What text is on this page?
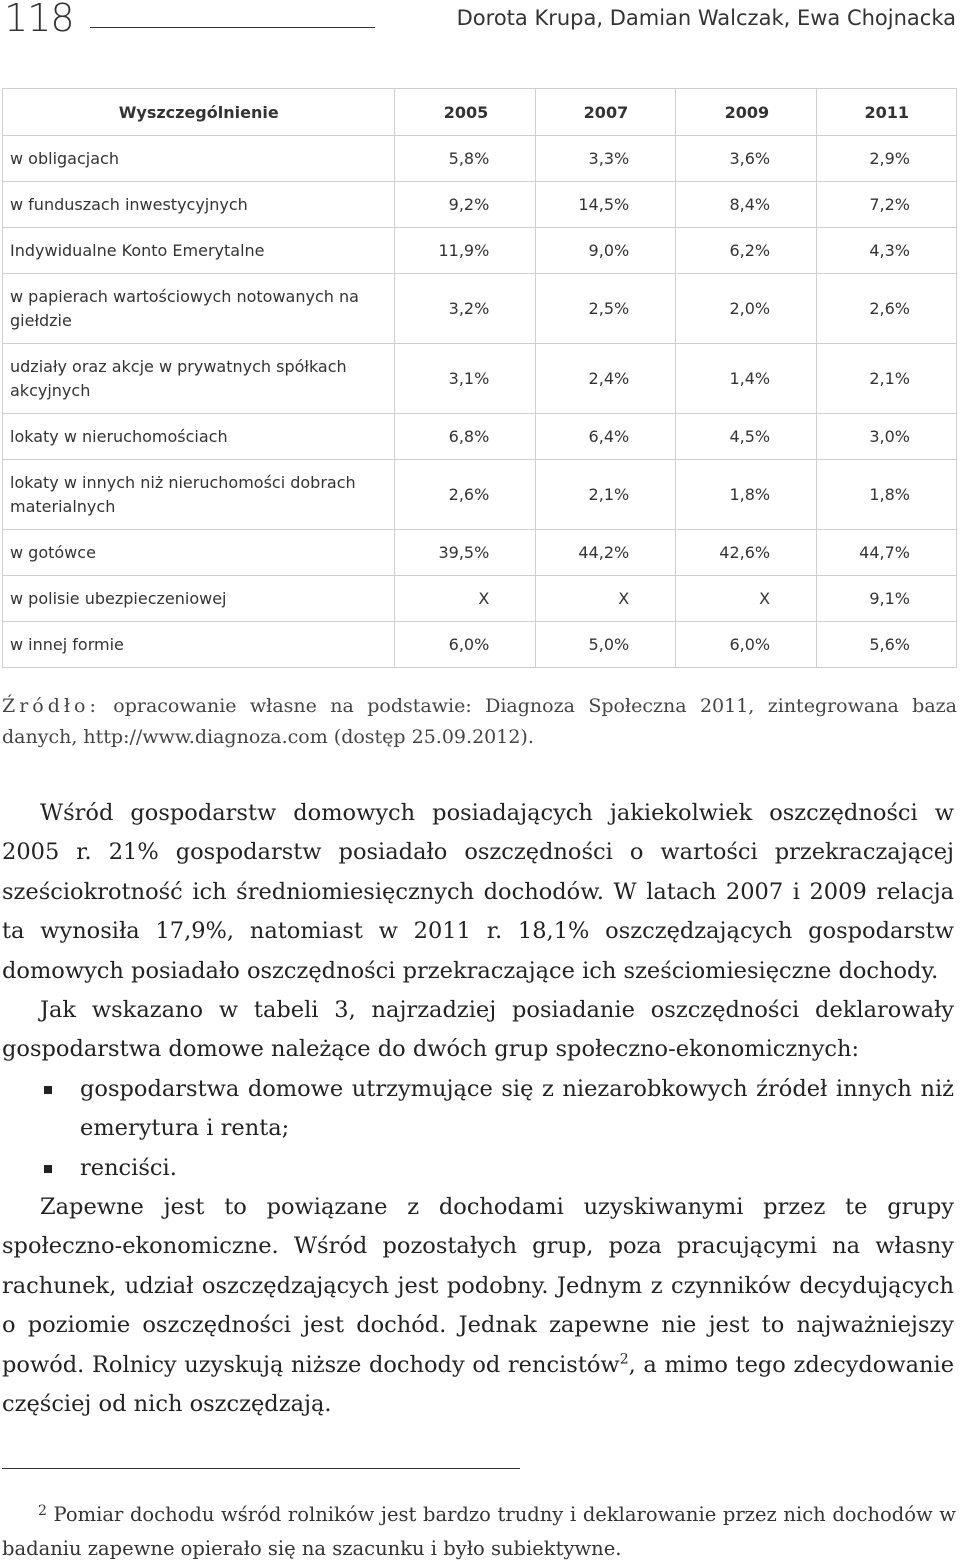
118	Dorota Krupa, Damian Walczak, Ewa Chojnacka
Wyszczególnienie	2005	2007	2009	2011
w obligacjach	5,8%	3,3%	3,6%	2,9%
w funduszach inwestycyjnych	9,2%	14,5%	8,4%	7,2%
Indywidualne Konto Emerytalne	11,9%	9,0%	6,2%	4,3%
w papierach wartościowych notowanych na giełdzie	3,2%	2,5%	2,0%	2,6%
udziały oraz akcje w prywatnych spółkach akcyjnych	3,1%	2,4%	1,4%	2,1%
lokaty w nieruchomościach	6,8%	6,4%	4,5%	3,0%
lokaty w innych niż nieruchomości dobrach materialnych	2,6%	2,1%	1,8%	1,8%
w gotówce	39,5%	44,2%	42,6%	44,7%
w polisie ubezpieczeniowej	X	X	X	9,1%
w innej formie	6,0%	5,0%	6,0%	5,6%
Źródło: opracowanie własne na podstawie: Diagnoza Społeczna 2011, zintegrowana baza danych, http://www.diagnoza.com (dostęp 25.09.2012).

Wśród gospodarstw domowych posiadających jakiekolwiek oszczędności w 2005 r. 21% gospodarstw posiadało oszczędności o wartości przekraczającej sześciokrotność ich średniomiesięcznych dochodów. W latach 2007 i 2009 relacja ta wynosiła 17,9%, natomiast w 2011 r. 18,1% oszczędzających gospodarstw domowych posiadało oszczędności przekraczające ich sześciomiesięczne dochody.

Jak wskazano w tabeli 3, najrzadziej posiadanie oszczędności deklarowały gospodarstwa domowe należące do dwóch grup społeczno-ekonomicznych:

gospodarstwa domowe utrzymujące się z niezarobkowych źródeł innych niż emerytura i renta;
renciści.

Zapewne jest to powiązane z dochodami uzyskiwanymi przez te grupy społeczno-ekonomiczne. Wśród pozostałych grup, poza pracującymi na własny rachunek, udział oszczędzających jest podobny. Jednym z czynników decydujących o poziomie oszczędności jest dochód. Jednak zapewne nie jest to najważniejszy powód. Rolnicy uzyskują niższe dochody od rencistów$^2$, a mimo tego zdecydowanie częściej od nich oszczędzają.

$^2$ Pomiar dochodu wśród rolników jest bardzo trudny i deklarowanie przez nich dochodów w badaniu zapewne opierało się na szacunku i było subiektywne.
